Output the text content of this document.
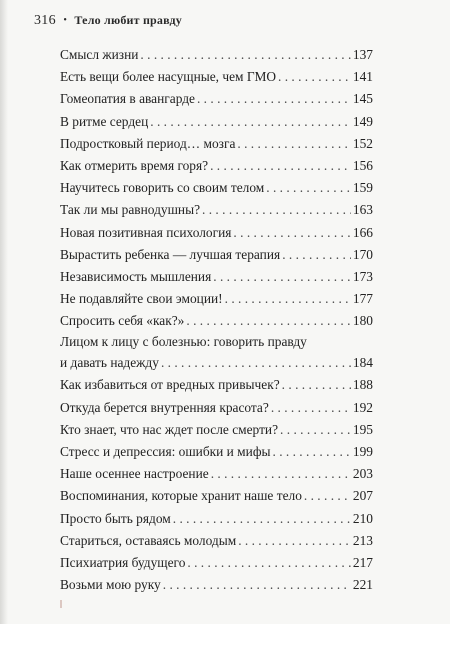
316 • Тело любит правду
Смысл жизни . . .	137
Есть вещи более насущные, чем ГМО . . .	141
Гомеопатия в авангарде . . .	145
В ритме сердец . . .	149
Подростковый период… мозга . . .	152
Как отмерить время горя? . . .	156
Научитесь говорить со своим телом . . .	159
Так ли мы равнодушны? . . .	163
Новая позитивная психология . . .	166
Вырастить ребенка — лучшая терапия . . .	170
Независимость мышления . . .	173
Не подавляйте свои эмоции! . . .	177
Спросить себя «как?» . . .	180
Лицом к лицу с болезнью: говорить правду
и давать надежду . . .	184
Как избавиться от вредных привычек? . . .	188
Откуда берется внутренняя красота? . . .	192
Кто знает, что нас ждет после смерти? . . .	195
Стресс и депрессия: ошибки и мифы . . .	199
Наше осеннее настроение . . .	203
Воспоминания, которые хранит наше тело . . .	207
Просто быть рядом . . .	210
Стариться, оставаясь молодым . . .	213
Психиатрия будущего . . .	217
Возьми мою руку . . .	221
